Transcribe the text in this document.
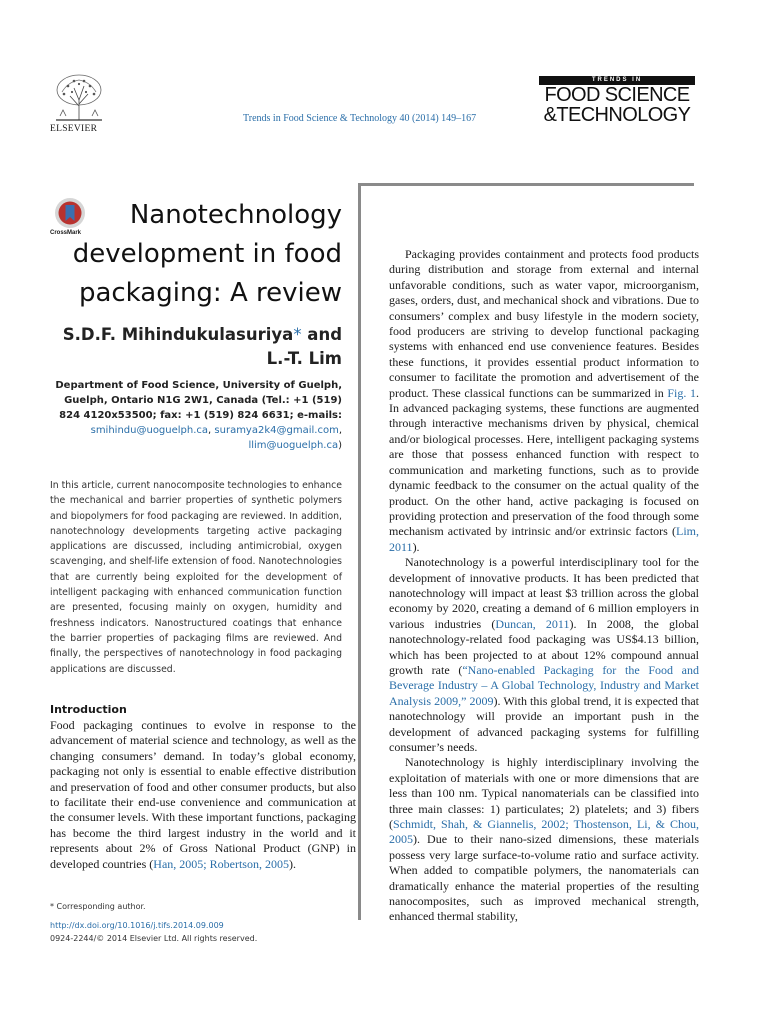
ELSEVIER
Trends in Food Science & Technology 40 (2014) 149–167
TRENDS IN
FOOD SCIENCE
&TECHNOLOGY
CrossMark
Nanotechnology
development in food
packaging: A review
S.D.F. Mihindukulasuriya* and
L.-T. Lim
Department of Food Science, University of Guelph,
Guelph, Ontario N1G 2W1, Canada (Tel.: +1 (519)
824 4120x53500; fax: +1 (519) 824 6631; e-mails:
smihindu@uoguelph.ca, suramya2k4@gmail.com,
llim@uoguelph.ca)
In this article, current nanocomposite technologies to enhance the mechanical and barrier properties of synthetic polymers and biopolymers for food packaging are reviewed. In addition, nanotechnology developments targeting active packaging applications are discussed, including antimicrobial, oxygen scavenging, and shelf-life extension of food. Nanotechnologies that are currently being exploited for the development of intelligent packaging with enhanced communication function are presented, focusing mainly on oxygen, humidity and freshness indicators. Nanostructured coatings that enhance the barrier properties of packaging films are reviewed. And finally, the perspectives of nanotechnology in food packaging applications are discussed.
Introduction
Food packaging continues to evolve in response to the advancement of material science and technology, as well as the changing consumers’ demand. In today’s global economy, packaging not only is essential to enable effective distribution and preservation of food and other consumer products, but also to facilitate their end-use convenience and communication at the consumer levels. With these important functions, packaging has become the third largest industry in the world and it represents about 2% of Gross National Product (GNP) in developed countries (Han, 2005; Robertson, 2005).
* Corresponding author.
http://dx.doi.org/10.1016/j.tifs.2014.09.009
0924-2244/© 2014 Elsevier Ltd. All rights reserved.

Packaging provides containment and protects food products during distribution and storage from external and internal unfavorable conditions, such as water vapor, microorganism, gases, orders, dust, and mechanical shock and vibrations. Due to consumers’ complex and busy lifestyle in the modern society, food producers are striving to develop functional packaging systems with enhanced end use convenience features. Besides these functions, it provides essential product information to consumer to facilitate the promotion and advertisement of the product. These classical functions can be summarized in Fig. 1. In advanced packaging systems, these functions are augmented through interactive mechanisms driven by physical, chemical and/or biological processes. Here, intelligent packaging systems are those that possess enhanced function with respect to communication and marketing functions, such as to provide dynamic feedback to the consumer on the actual quality of the product. On the other hand, active packaging is focused on providing protection and preservation of the food through some mechanism activated by intrinsic and/or extrinsic factors (Lim, 2011).

Nanotechnology is a powerful interdisciplinary tool for the development of innovative products. It has been predicted that nanotechnology will impact at least $3 trillion across the global economy by 2020, creating a demand of 6 million employers in various industries (Duncan, 2011). In 2008, the global nanotechnology-related food packaging was US$4.13 billion, which has been projected to at about 12% compound annual growth rate (“Nano-enabled Packaging for the Food and Beverage Industry – A Global Technology, Industry and Market Analysis 2009,” 2009). With this global trend, it is expected that nanotechnology will provide an important push in the development of advanced packaging systems for fulfilling consumer’s needs.

Nanotechnology is highly interdisciplinary involving the exploitation of materials with one or more dimensions that are less than 100 nm. Typical nanomaterials can be classified into three main classes: 1) particulates; 2) platelets; and 3) fibers (Schmidt, Shah, & Giannelis, 2002; Thostenson, Li, & Chou, 2005). Due to their nano-sized dimensions, these materials possess very large surface-to-volume ratio and surface activity. When added to compatible polymers, the nanomaterials can dramatically enhance the material properties of the resulting nanocomposites, such as improved mechanical strength, enhanced thermal stability,
